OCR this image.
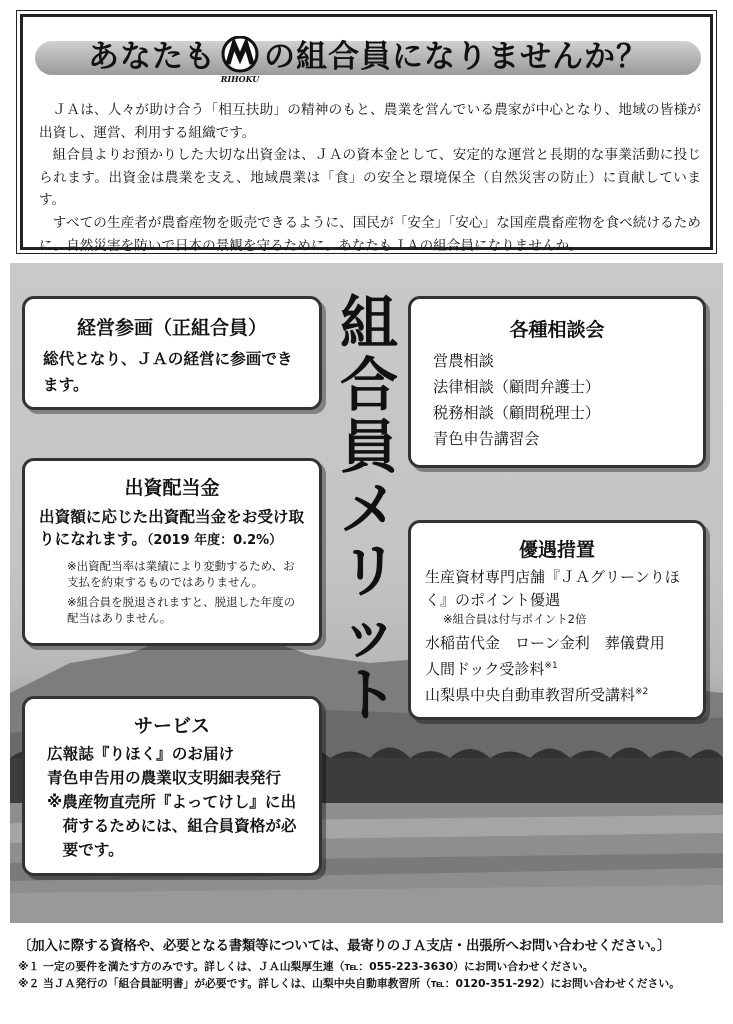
あなたも
RIHOKU
の組合員になりませんか？

ＪＡは、人々が助け合う「相互扶助」の精神のもと、農業を営んでいる農家が中心となり、地域の皆様が出資し、運営、利用する組織です。

組合員よりお預かりした大切な出資金は、ＪＡの資本金として、安定的な運営と長期的な事業活動に投じられます。出資金は農業を支え、地域農業は「食」の安全と環境保全（自然災害の防止）に貢献しています。

すべての生産者が農畜産物を販売できるように、国民が「安全」「安心」な国産農畜産物を食べ続けるために、自然災害を防いで日本の景観を守るために、あなたもＪＡの組合員になりませんか。

組
合
員
メ
リ
ッ
ト
経営参画（正組合員）
総代となり、ＪＡの経営に参画できます。
出資配当金
出資額に応じた出資配当金をお受け取りになれます。（2019 年度：0.2%）
※出資配当率は業績により変動するため、お支払を約束するものではありません。
※組合員を脱退されますと、脱退した年度の配当はありません。
サービス
広報誌『りほく』のお届け
青色申告用の農業収支明細表発行
※農産物直売所『よってけし』に出荷するためには、組合員資格が必要です。
各種相談会
営農相談
法律相談（顧問弁護士）
税務相談（顧問税理士）
青色申告講習会
優遇措置
生産資材専門店舗『ＪＡグリーンりほく』のポイント優遇
※組合員は付与ポイント2倍
水稲苗代金　ローン金利　葬儀費用
人間ドック受診料$^{※1}$
山梨県中央自動車教習所受講料$^{※2}$
〔加入に際する資格や、必要となる書類等については、最寄りのＪＡ支店・出張所へお問い合わせください。〕
※１ 一定の要件を満たす方のみです。詳しくは、ＪＡ山梨厚生連（℡：055-223-3630）にお問い合わせください。
※２ 当ＪＡ発行の「組合員証明書」が必要です。詳しくは、山梨中央自動車教習所（℡：0120-351-292）にお問い合わせください。
